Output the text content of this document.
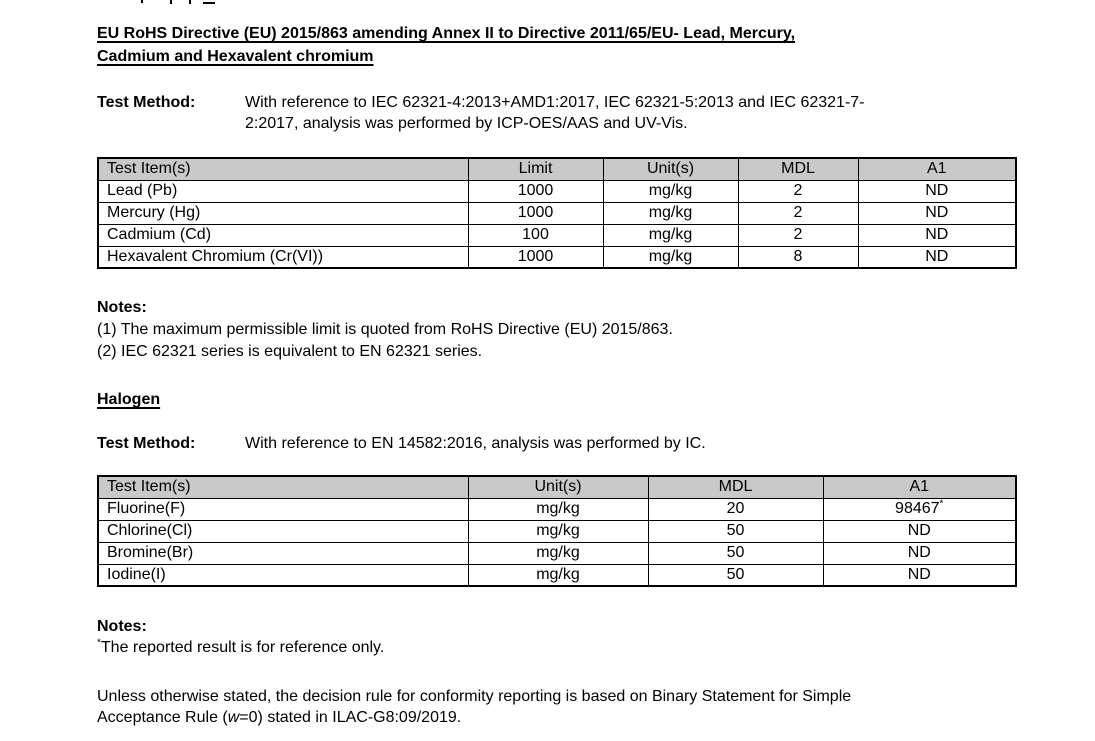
EU RoHS Directive (EU) 2015/863 amending Annex II to Directive 2011/65/EU- Lead, Mercury,
Cadmium and Hexavalent chromium
Test Method:	With reference to IEC 62321-4:2013+AMD1:2017, IEC 62321-5:2013 and IEC 62321-7-
2:2017, analysis was performed by ICP-OES/AAS and UV-Vis.
Test Item(s)	Limit	Unit(s)	MDL	A1
Lead (Pb)	1000	mg/kg	2	ND
Mercury (Hg)	1000	mg/kg	2	ND
Cadmium (Cd)	100	mg/kg	2	ND
Hexavalent Chromium (Cr(VI))	1000	mg/kg	8	ND
Notes:
(1) The maximum permissible limit is quoted from RoHS Directive (EU) 2015/863.
(2) IEC 62321 series is equivalent to EN 62321 series.
Halogen
Test Method:	With reference to EN 14582:2016, analysis was performed by IC.
Test Item(s)	Unit(s)	MDL	A1
Fluorine(F)	mg/kg	20	98467*
Chlorine(Cl)	mg/kg	50	ND
Bromine(Br)	mg/kg	50	ND
Iodine(I)	mg/kg	50	ND
Notes:
*The reported result is for reference only.
Unless otherwise stated, the decision rule for conformity reporting is based on Binary Statement for Simple
Acceptance Rule (w=0) stated in ILAC-G8:09/2019.
